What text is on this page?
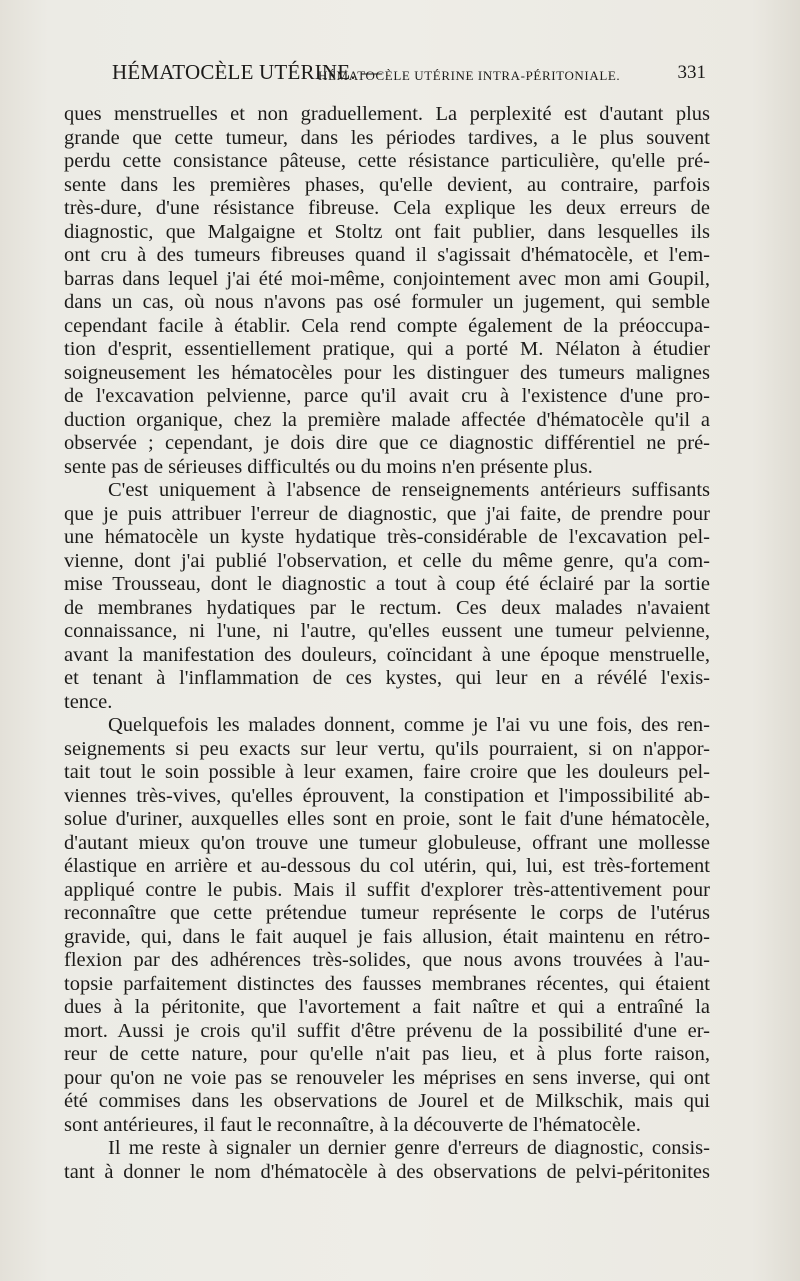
HÉMATOCÈLE UTÉRINE. —
HÉMATOCÈLE UTÉRINE INTRA-PÉRITONIALE.	331
ques menstruelles et non graduellement. La perplexité est d'autant plus
grande que cette tumeur, dans les périodes tardives, a le plus souvent
perdu cette consistance pâteuse, cette résistance particulière, qu'elle pré-
sente dans les premières phases, qu'elle devient, au contraire, parfois
très-dure, d'une résistance fibreuse. Cela explique les deux erreurs de
diagnostic, que Malgaigne et Stoltz ont fait publier, dans lesquelles ils
ont cru à des tumeurs fibreuses quand il s'agissait d'hématocèle, et l'em-
barras dans lequel j'ai été moi-même, conjointement avec mon ami Goupil,
dans un cas, où nous n'avons pas osé formuler un jugement, qui semble
cependant facile à établir. Cela rend compte également de la préoccupa-
tion d'esprit, essentiellement pratique, qui a porté M. Nélaton à étudier
soigneusement les hématocèles pour les distinguer des tumeurs malignes
de l'excavation pelvienne, parce qu'il avait cru à l'existence d'une pro-
duction organique, chez la première malade affectée d'hématocèle qu'il a
observée ; cependant, je dois dire que ce diagnostic différentiel ne pré-
sente pas de sérieuses difficultés ou du moins n'en présente plus.
C'est uniquement à l'absence de renseignements antérieurs suffisants
que je puis attribuer l'erreur de diagnostic, que j'ai faite, de prendre pour
une hématocèle un kyste hydatique très-considérable de l'excavation pel-
vienne, dont j'ai publié l'observation, et celle du même genre, qu'a com-
mise Trousseau, dont le diagnostic a tout à coup été éclairé par la sortie
de membranes hydatiques par le rectum. Ces deux malades n'avaient
connaissance, ni l'une, ni l'autre, qu'elles eussent une tumeur pelvienne,
avant la manifestation des douleurs, coïncidant à une époque menstruelle,
et tenant à l'inflammation de ces kystes, qui leur en a révélé l'exis-
tence.
Quelquefois les malades donnent, comme je l'ai vu une fois, des ren-
seignements si peu exacts sur leur vertu, qu'ils pourraient, si on n'appor-
tait tout le soin possible à leur examen, faire croire que les douleurs pel-
viennes très-vives, qu'elles éprouvent, la constipation et l'impossibilité ab-
solue d'uriner, auxquelles elles sont en proie, sont le fait d'une hématocèle,
d'autant mieux qu'on trouve une tumeur globuleuse, offrant une mollesse
élastique en arrière et au-dessous du col utérin, qui, lui, est très-fortement
appliqué contre le pubis. Mais il suffit d'explorer très-attentivement pour
reconnaître que cette prétendue tumeur représente le corps de l'utérus
gravide, qui, dans le fait auquel je fais allusion, était maintenu en rétro-
flexion par des adhérences très-solides, que nous avons trouvées à l'au-
topsie parfaitement distinctes des fausses membranes récentes, qui étaient
dues à la péritonite, que l'avortement a fait naître et qui a entraîné la
mort. Aussi je crois qu'il suffit d'être prévenu de la possibilité d'une er-
reur de cette nature, pour qu'elle n'ait pas lieu, et à plus forte raison,
pour qu'on ne voie pas se renouveler les méprises en sens inverse, qui ont
été commises dans les observations de Jourel et de Milkschik, mais qui
sont antérieures, il faut le reconnaître, à la découverte de l'hématocèle.
Il me reste à signaler un dernier genre d'erreurs de diagnostic, consis-
tant à donner le nom d'hématocèle à des observations de pelvi-péritonites
